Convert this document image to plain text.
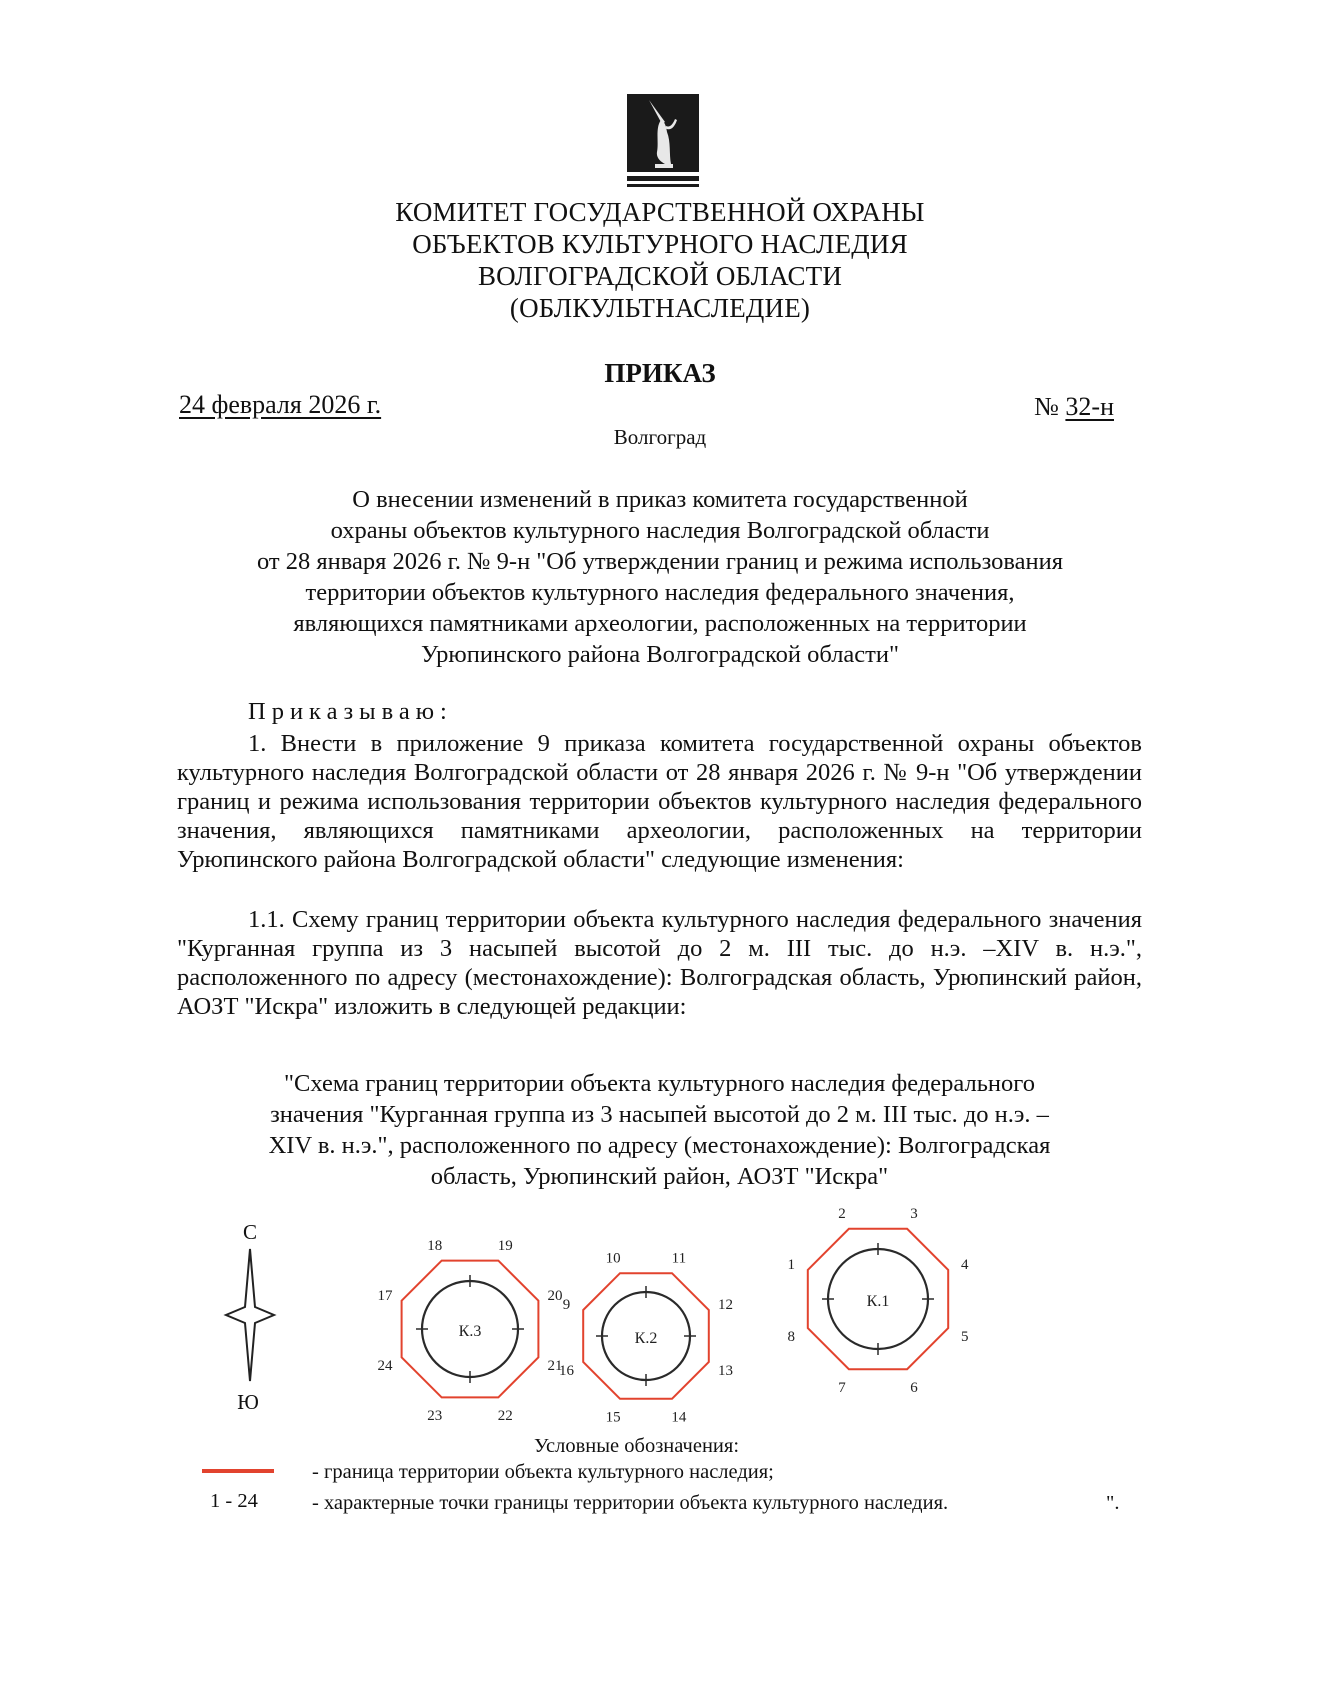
КОМИТЕТ ГОСУДАРСТВЕННОЙ ОХРАНЫ
ОБЪЕКТОВ КУЛЬТУРНОГО НАСЛЕДИЯ
ВОЛГОГРАДСКОЙ ОБЛАСТИ
(ОБЛКУЛЬТНАСЛЕДИЕ)
ПРИКАЗ
24 февраля 2026 г.	№ 32-н
Волгоград
О внесении изменений в приказ комитета государственной
охраны объектов культурного наследия Волгоградской области
от 28 января 2026 г. № 9-н "Об утверждении границ и режима использования
территории объектов культурного наследия федерального значения,
являющихся памятниками археологии, расположенных на территории
Урюпинского района Волгоградской области"
Приказываю:
1. Внести в приложение 9 приказа комитета государственной охраны объектов культурного наследия Волгоградской области от 28 января 2026 г. № 9-н "Об утверждении границ и режима использования территории объектов культурного наследия федерального значения, являющихся памятниками археологии, расположенных на территории Урюпинского района Волгоградской области" следующие изменения:
1.1. Схему границ территории объекта культурного наследия федерального значения "Курганная группа из 3 насыпей высотой до 2 м. III тыс. до н.э. –XIV в. н.э.", расположенного по адресу (местонахождение): Волгоградская область, Урюпинский район, АОЗТ "Искра" изложить в следующей редакции:
"Схема границ территории объекта культурного наследия федерального
значения "Курганная группа из 3 насыпей высотой до 2 м. III тыс. до н.э. –
XIV в. н.э.", расположенного по адресу (местонахождение): Волгоградская
область, Урюпинский район, АОЗТ "Искра"
С
Ю
К.3
17
18	19
20
21
22
23
24
К.2
9
10	11
12
13
14
15
16
К.1
1
2	3
4
5
6
7
8
Условные обозначения:
- граница территории объекта культурного наследия;
1 - 24	- характерные точки границы территории объекта культурного наследия.	".
